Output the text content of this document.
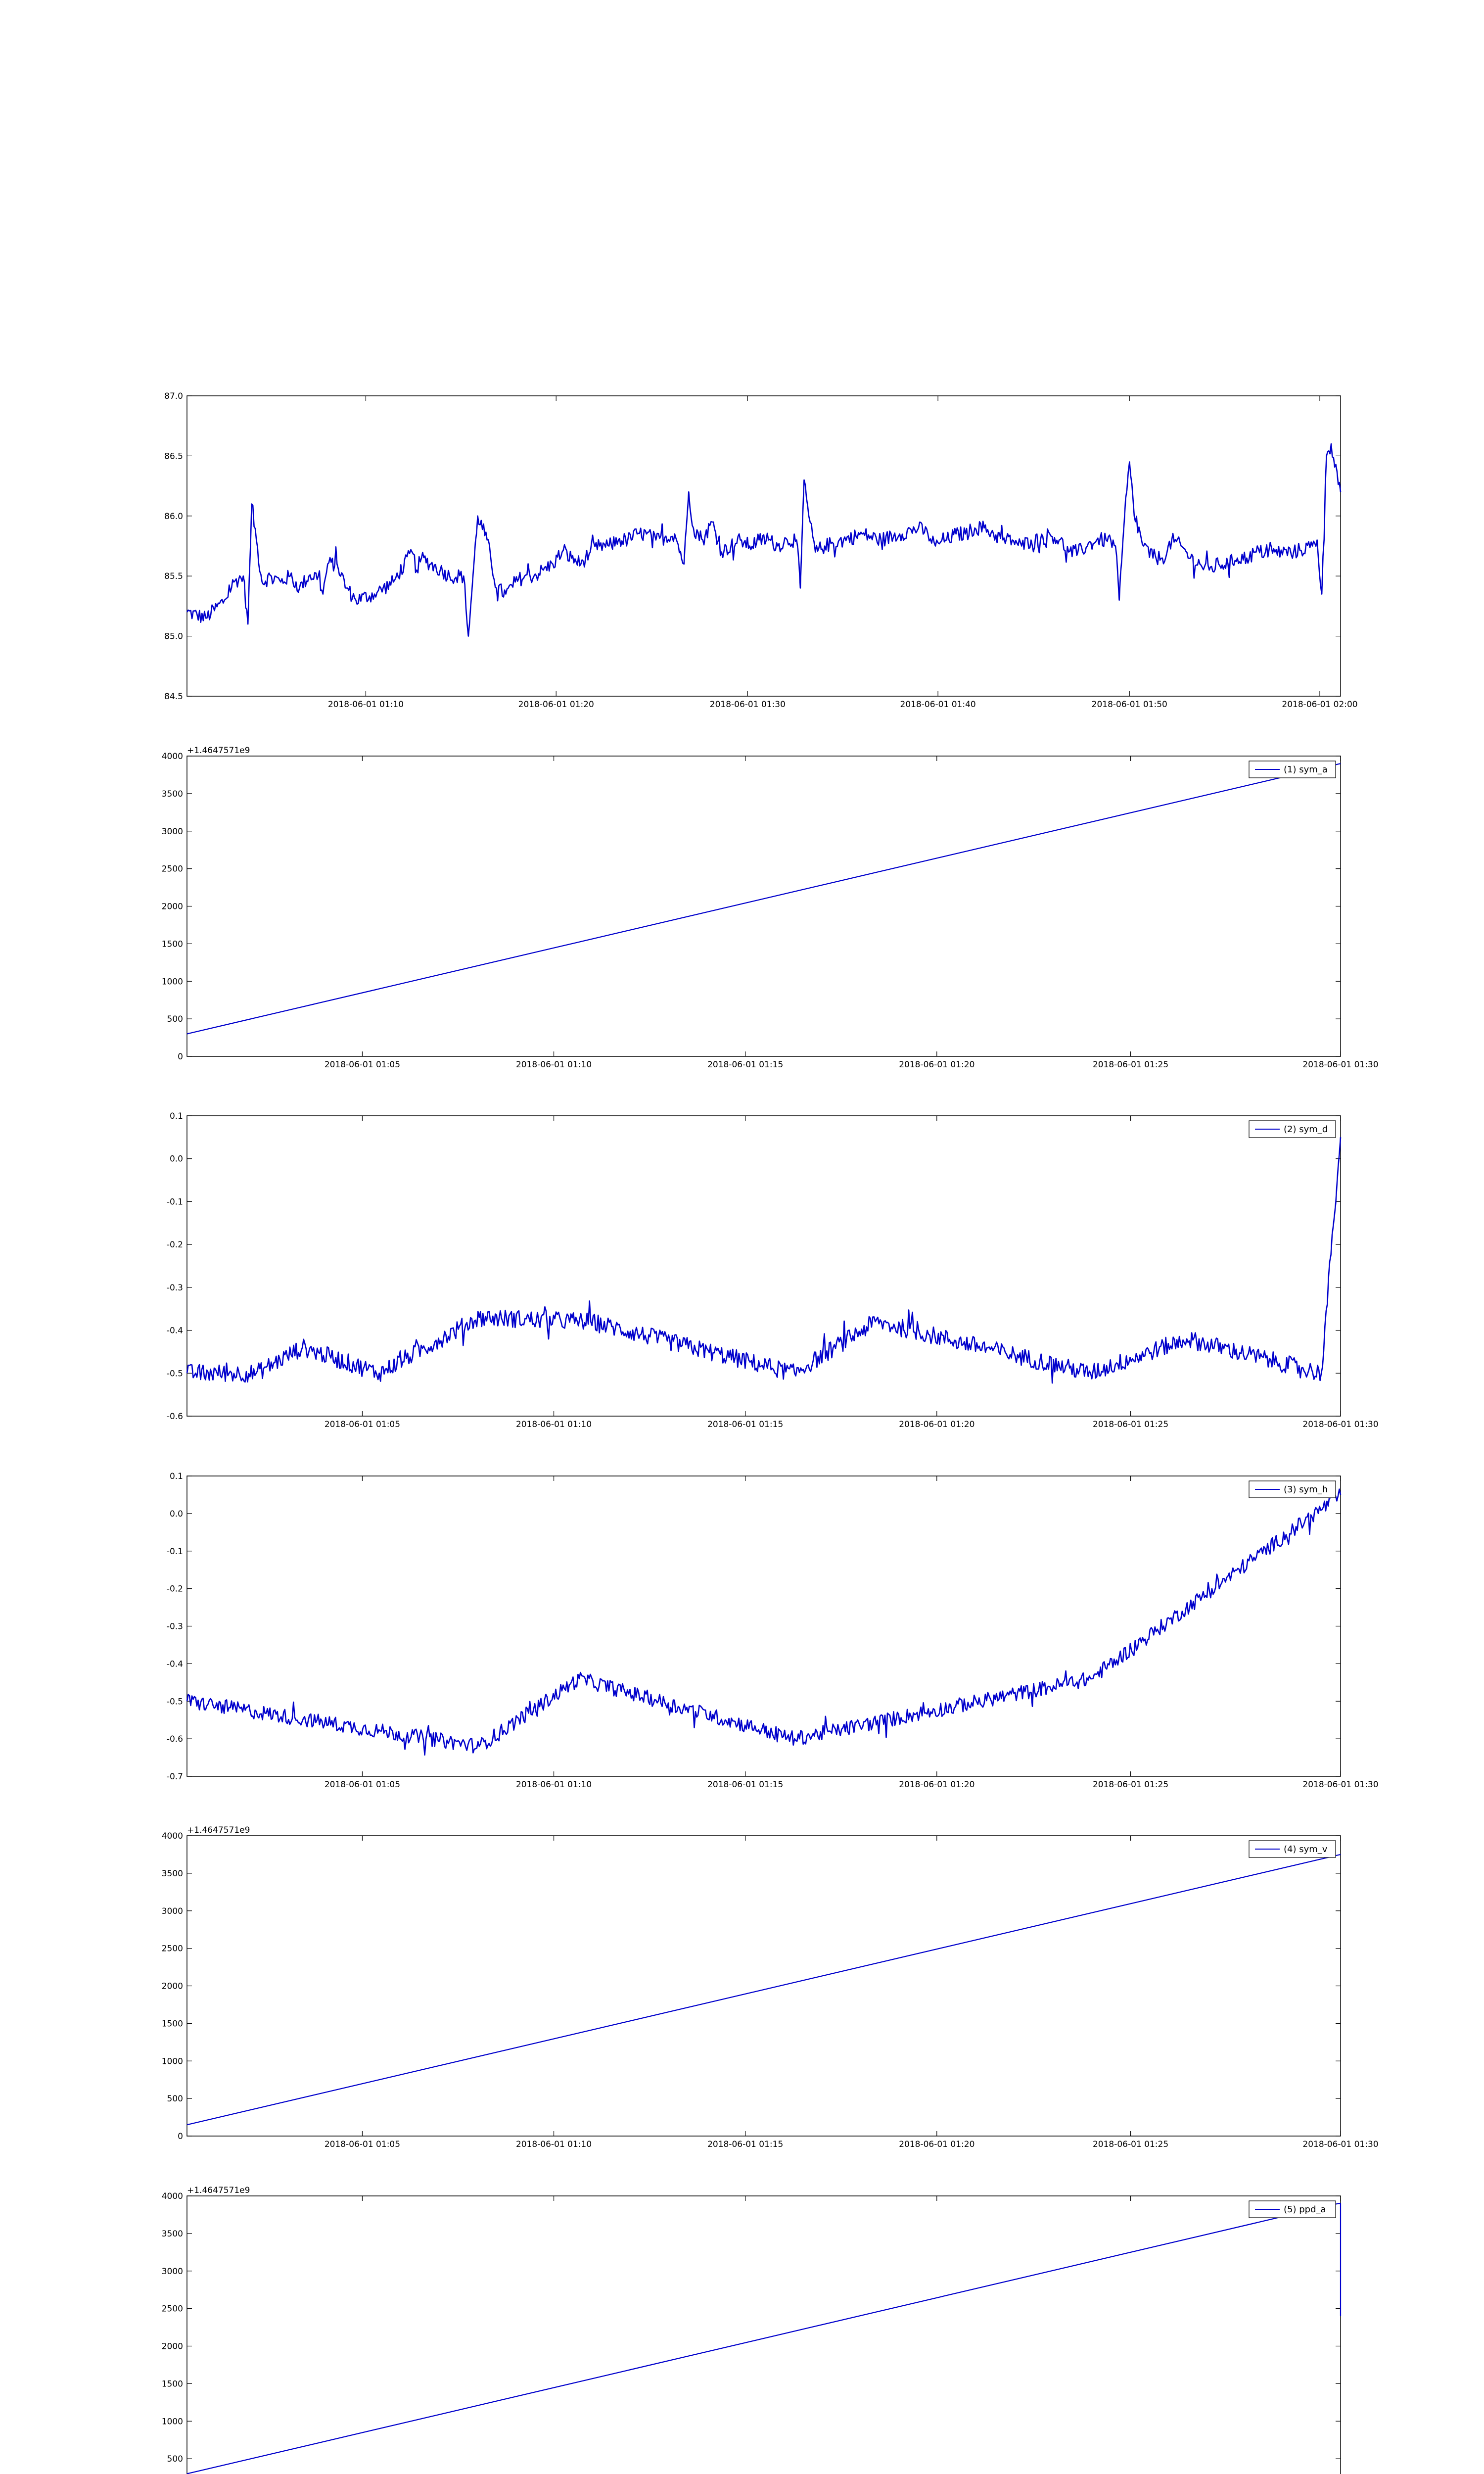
84.5
85.0
85.5
86.0
86.5
87.0
2018-06-01 01:10	2018-06-01 01:20	2018-06-01 01:30	2018-06-01 01:40	2018-06-01 01:50	2018-06-01 02:00
0
500
1000
1500
2000
2500
3000
3500
4000
2018-06-01 01:05	2018-06-01 01:10	2018-06-01 01:15	2018-06-01 01:20	2018-06-01 01:25	2018-06-01 01:30
+1.4647571e9
(1) sym_a
-0.6
-0.5
-0.4
-0.3
-0.2
-0.1
0.0
0.1
2018-06-01 01:05	2018-06-01 01:10	2018-06-01 01:15	2018-06-01 01:20	2018-06-01 01:25	2018-06-01 01:30
(2) sym_d
-0.7
-0.6
-0.5
-0.4
-0.3
-0.2
-0.1
0.0
0.1
2018-06-01 01:05	2018-06-01 01:10	2018-06-01 01:15	2018-06-01 01:20	2018-06-01 01:25	2018-06-01 01:30
(3) sym_h
0
500
1000
1500
2000
2500
3000
3500
4000
2018-06-01 01:05	2018-06-01 01:10	2018-06-01 01:15	2018-06-01 01:20	2018-06-01 01:25	2018-06-01 01:30
+1.4647571e9
(4) sym_v
500
1000
1500
2000
2500
3000
3500
4000
+1.4647571e9
(5) ppd_a
